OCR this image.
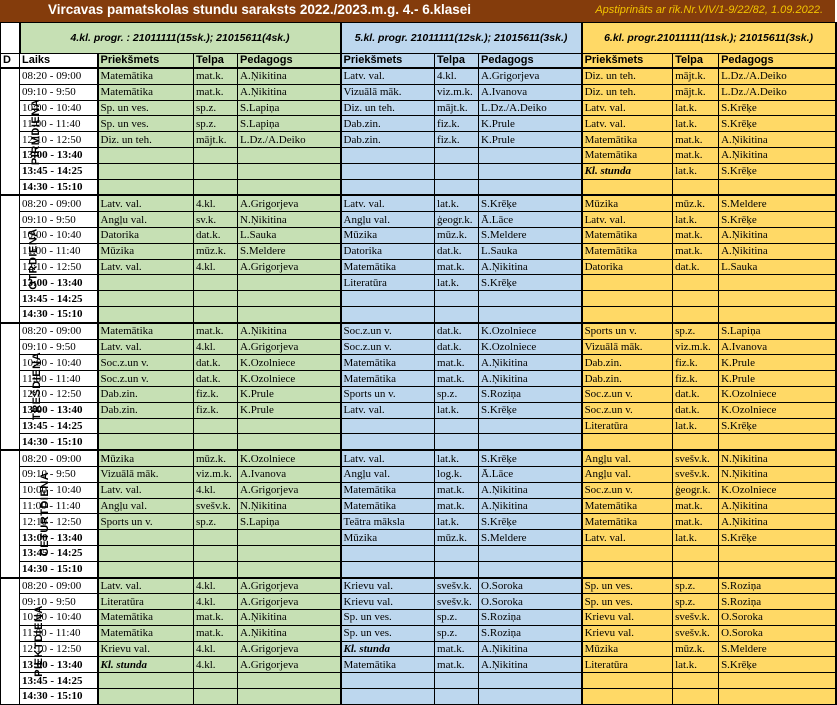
Vircavas pamatskolas stundu saraksts 2022./2023.m.g. 4.- 6.klasei	Apstiprināts ar rīk.Nr.VIV/1-9/22/82, 1.09.2022.
	4.kl. progr. : 21011111(15sk.); 21015611(4sk.)				5.kl. progr. 21011111(12sk.); 21015611(3sk.)			6.kl. progr.21011111(11sk.); 21015611(3sk.)		
D	Laiks	Priekšmets	Telpa	Pedagogs	Priekšmets	Telpa	Pedagogs	Priekšmets	Telpa	Pedagogs
PIRMDIENA	08:20 - 09:00	Matemātika	mat.k.	A.Ņikitina	Latv. val.	4.kl.	A.Grigorjeva	Diz. un teh.	mājt.k.	L.Dz./A.Deiko
	09:10 - 9:50	Matemātika	mat.k.	A.Ņikitina	Vizuālā māk.	viz.m.k.	A.Ivanova	Diz. un teh.	mājt.k.	L.Dz./A.Deiko
	10:00 - 10:40	Sp. un ves.	sp.z.	S.Lapiņa	Diz. un teh.	mājt.k.	L.Dz./A.Deiko	Latv. val.	lat.k.	S.Krēķe
	11:00 - 11:40	Sp. un ves.	sp.z.	S.Lapiņa	Dab.zin.	fiz.k.	K.Prule	Latv. val.	lat.k.	S.Krēķe
	12:10 - 12:50	Diz. un teh.	mājt.k.	L.Dz./A.Deiko	Dab.zin.	fiz.k.	K.Prule	Matemātika	mat.k.	A.Ņikitina
	13:00 - 13:40							Matemātika	mat.k.	A.Ņikitina
	13:45 - 14:25							Kl. stunda	lat.k.	S.Krēķe
	14:30 - 15:10									
OTRDIENA	08:20 - 09:00	Latv. val.	4.kl.	A.Grigorjeva	Latv. val.	lat.k.	S.Krēķe	Mūzika	mūz.k.	S.Meldere
	09:10 - 9:50	Angļu val.	sv.k.	N.Ņikitina	Angļu val.	ģeogr.k.	Ā.Lāce	Latv. val.	lat.k.	S.Krēķe
	10:00 - 10:40	Datorika	dat.k.	L.Sauka	Mūzika	mūz.k.	S.Meldere	Matemātika	mat.k.	A.Ņikitina
	11:00 - 11:40	Mūzika	mūz.k.	S.Meldere	Datorika	dat.k.	L.Sauka	Matemātika	mat.k.	A.Ņikitina
	12:10 - 12:50	Latv. val.	4.kl.	A.Grigorjeva	Matemātika	mat.k.	A.Ņikitina	Datorika	dat.k.	L.Sauka
	13:00 - 13:40				Literatūra	lat.k.	S.Krēķe			
	13:45 - 14:25									
	14:30 - 15:10									
TREŠDIENA	08:20 - 09:00	Matemātika	mat.k.	A.Ņikitina	Soc.z.un v.	dat.k.	K.Ozolniece	Sports un v.	sp.z.	S.Lapiņa
	09:10 - 9:50	Latv. val.	4.kl.	A.Grigorjeva	Soc.z.un v.	dat.k.	K.Ozolniece	Vizuālā māk.	viz.m.k.	A.Ivanova
	10:00 - 10:40	Soc.z.un v.	dat.k.	K.Ozolniece	Matemātika	mat.k.	A.Ņikitina	Dab.zin.	fiz.k.	K.Prule
	11:00 - 11:40	Soc.z.un v.	dat.k.	K.Ozolniece	Matemātika	mat.k.	A.Ņikitina	Dab.zin.	fiz.k.	K.Prule
	12:10 - 12:50	Dab.zin.	fiz.k.	K.Prule	Sports un v.	sp.z.	S.Roziņa	Soc.z.un v.	dat.k.	K.Ozolniece
	13:00 - 13:40	Dab.zin.	fiz.k.	K.Prule	Latv. val.	lat.k.	S.Krēķe	Soc.z.un v.	dat.k.	K.Ozolniece
	13:45 - 14:25							Literatūra	lat.k.	S.Krēķe
	14:30 - 15:10									
CETURTDIENA	08:20 - 09:00	Mūzika	mūz.k.	K.Ozolniece	Latv. val.	lat.k.	S.Krēķe	Angļu val.	svešv.k.	N.Ņikitina
	09:10 - 9:50	Vizuālā māk.	viz.m.k.	A.Ivanova	Angļu val.	log.k.	Ā.Lāce	Angļu val.	svešv.k.	N.Ņikitina
	10:00 - 10:40	Latv. val.	4.kl.	A.Grigorjeva	Matemātika	mat.k.	A.Ņikitina	Soc.z.un v.	ģeogr.k.	K.Ozolniece
	11:00 - 11:40	Angļu val.	svešv.k.	N.Ņikitina	Matemātika	mat.k.	A.Ņikitina	Matemātika	mat.k.	A.Ņikitina
	12:10 - 12:50	Sports un v.	sp.z.	S.Lapiņa	Teātra māksla	lat.k.	S.Krēķe	Matemātika	mat.k.	A.Ņikitina
	13:00 - 13:40				Mūzika	mūz.k.	S.Meldere	Latv. val.	lat.k.	S.Krēķe
	13:45 - 14:25									
	14:30 - 15:10									
PIEKTDIENA	08:20 - 09:00	Latv. val.	4.kl.	A.Grigorjeva	Krievu val.	svešv.k.	O.Soroka	Sp. un ves.	sp.z.	S.Roziņa
	09:10 - 9:50	Literatūra	4.kl.	A.Grigorjeva	Krievu val.	svešv.k.	O.Soroka	Sp. un ves.	sp.z.	S.Roziņa
	10:00 - 10:40	Matemātika	mat.k.	A.Ņikitina	Sp. un ves.	sp.z.	S.Roziņa	Krievu val.	svešv.k.	O.Soroka
	11:00 - 11:40	Matemātika	mat.k.	A.Ņikitina	Sp. un ves.	sp.z.	S.Roziņa	Krievu val.	svešv.k.	O.Soroka
	12:10 - 12:50	Krievu val.	4.kl.	A.Grigorjeva	Kl. stunda	mat.k.	A.Ņikitina	Mūzika	mūz.k.	S.Meldere
	13:00 - 13:40	Kl. stunda	4.kl.	A.Grigorjeva	Matemātika	mat.k.	A.Ņikitina	Literatūra	lat.k.	S.Krēķe
	13:45 - 14:25									
	14:30 - 15:10									
